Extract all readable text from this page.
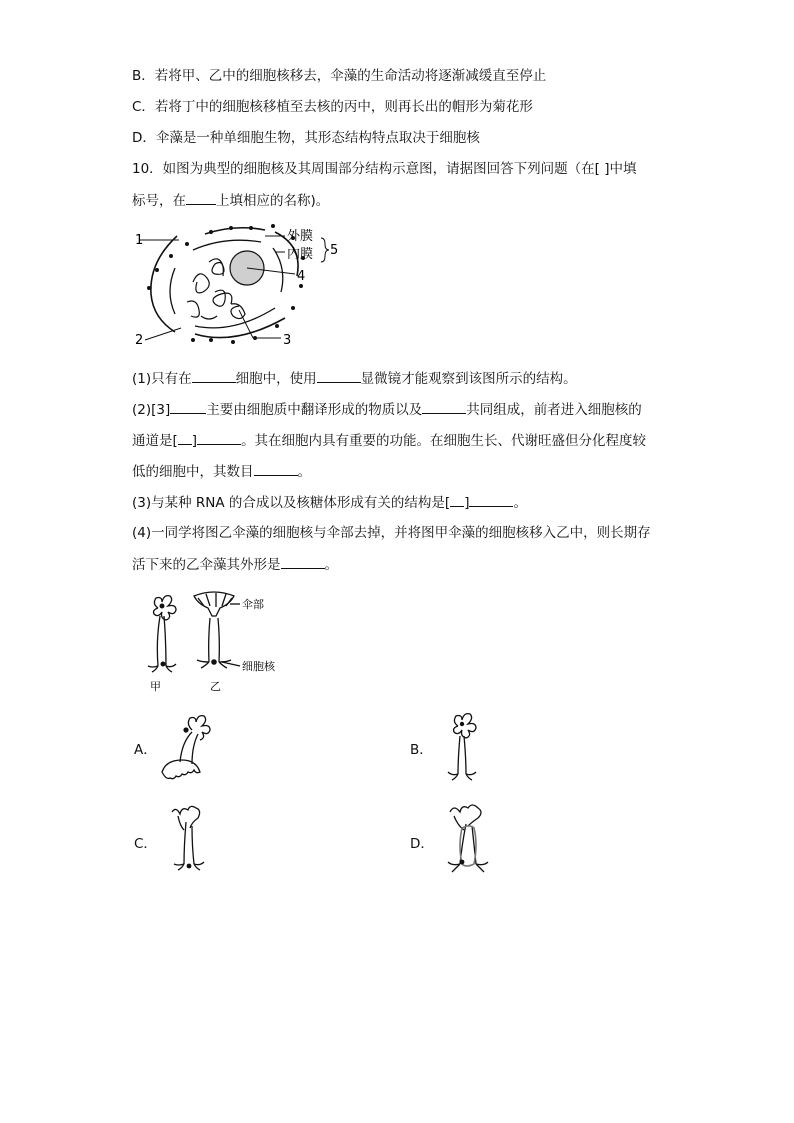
B．若将甲、乙中的细胞核移去，伞藻的生命活动将逐渐减缓直至停止
C．若将丁中的细胞核移植至去核的丙中，则再长出的帽形为菊花形
D．伞藻是一种单细胞生物，其形态结构特点取决于细胞核
10．如图为典型的细胞核及其周围部分结构示意图，请据图回答下列问题（在[ ]中填
标号，在 上填相应的名称)。
1
2	3
4
5
外膜
内膜
(1)只有在	细胞中，使用	显微镜才能观察到该图所示的结构。
(2)[3]	主要由细胞质中翻译形成的物质以及	共同组成，前者进入细胞核的
通道是[ ]	。其在细胞内具有重要的功能。在细胞生长、代谢旺盛但分化程度较
低的细胞中，其数目	。
(3)与某种 RNA 的合成以及核糖体形成有关的结构是[ ]	。
(4)一同学将图乙伞藻的细胞核与伞部去掉，并将图甲伞藻的细胞核移入乙中，则长期存
活下来的乙伞藻其外形是	。
伞部
细胞核
甲	乙
A．	B．
C．	D．
